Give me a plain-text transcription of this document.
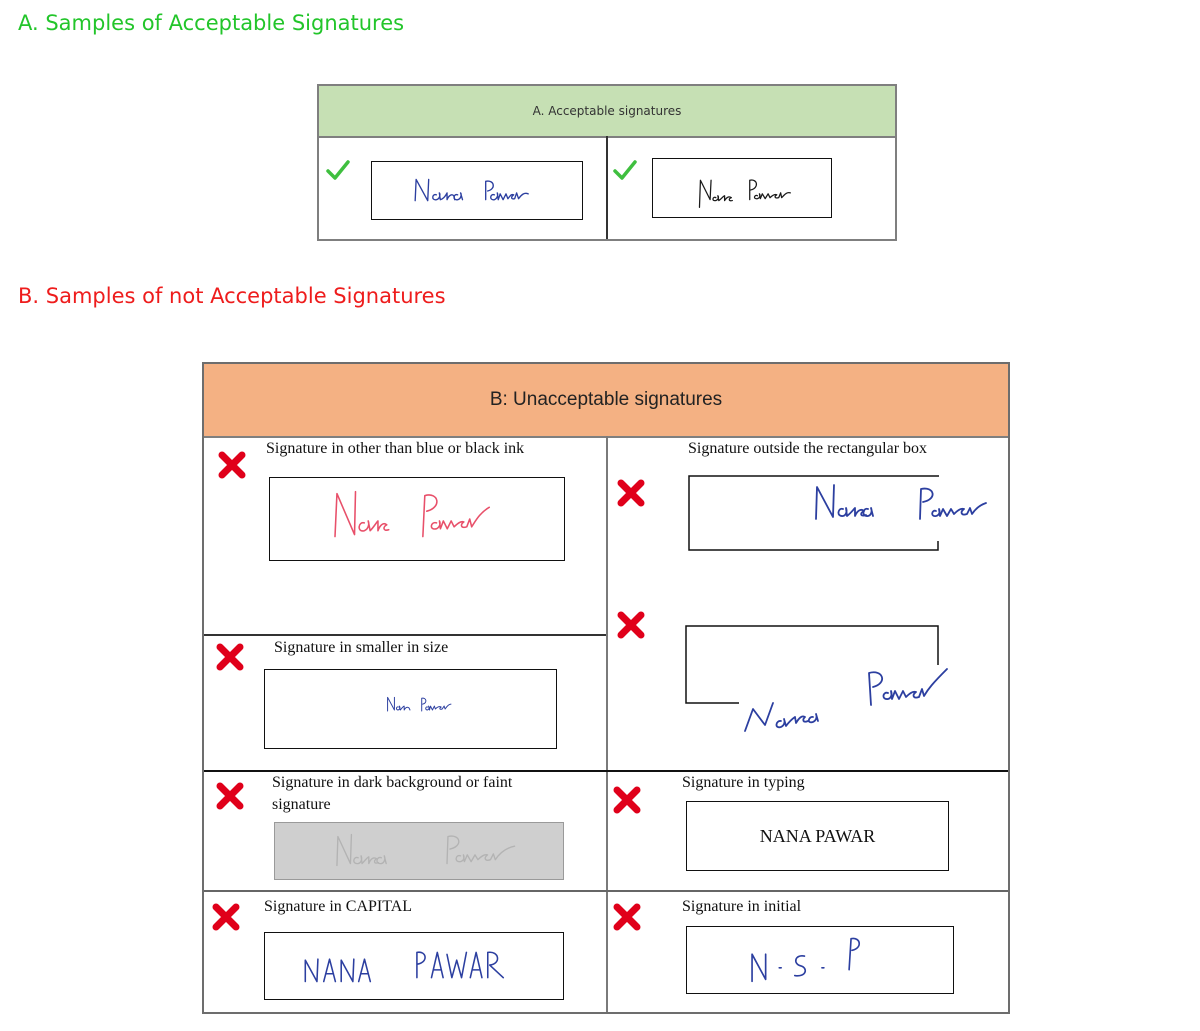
A. Samples of Acceptable Signatures
A. Acceptable signatures
B. Samples of not Acceptable Signatures
B: Unacceptable signatures
Signature in other than blue or black ink	Signature outside the rectangular box
Signature in smaller in size
Signature in dark background or faint signature
Signature in typing
NANA PAWAR
Signature in CAPITAL	Signature in initial
